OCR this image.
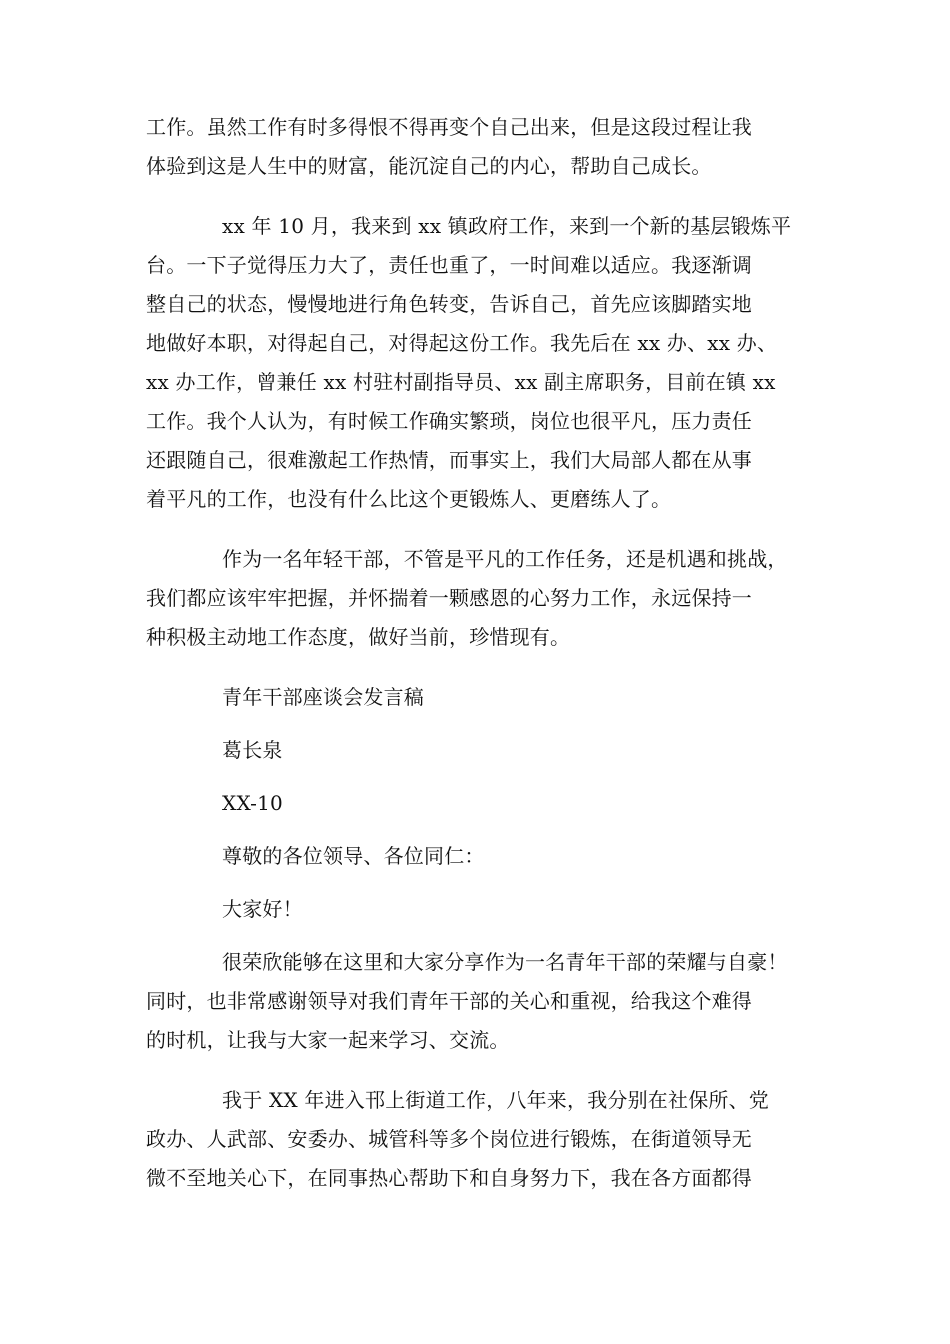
工作。虽然工作有时多得恨不得再变个自己出来，但是这段过程让我
体验到这是人生中的财富，能沉淀自己的内心，帮助自己成长。
xx 年 10 月，我来到 xx 镇政府工作，来到一个新的基层锻炼平
台。一下子觉得压力大了，责任也重了，一时间难以适应。我逐渐调
整自己的状态，慢慢地进行角色转变，告诉自己，首先应该脚踏实地
地做好本职，对得起自己，对得起这份工作。我先后在 xx 办、xx 办、
xx 办工作，曾兼任 xx 村驻村副指导员、xx 副主席职务，目前在镇 xx
工作。我个人认为，有时候工作确实繁琐，岗位也很平凡，压力责任
还跟随自己，很难激起工作热情，而事实上，我们大局部人都在从事
着平凡的工作，也没有什么比这个更锻炼人、更磨练人了。
作为一名年轻干部，不管是平凡的工作任务，还是机遇和挑战，
我们都应该牢牢把握，并怀揣着一颗感恩的心努力工作，永远保持一
种积极主动地工作态度，做好当前，珍惜现有。
青年干部座谈会发言稿
葛长泉
XX-10
尊敬的各位领导、各位同仁：
大家好！
很荣欣能够在这里和大家分享作为一名青年干部的荣耀与自豪！
同时，也非常感谢领导对我们青年干部的关心和重视，给我这个难得
的时机，让我与大家一起来学习、交流。
我于 XX 年进入邗上街道工作，八年来，我分别在社保所、党
政办、人武部、安委办、城管科等多个岗位进行锻炼，在街道领导无
微不至地关心下，在同事热心帮助下和自身努力下，我在各方面都得
